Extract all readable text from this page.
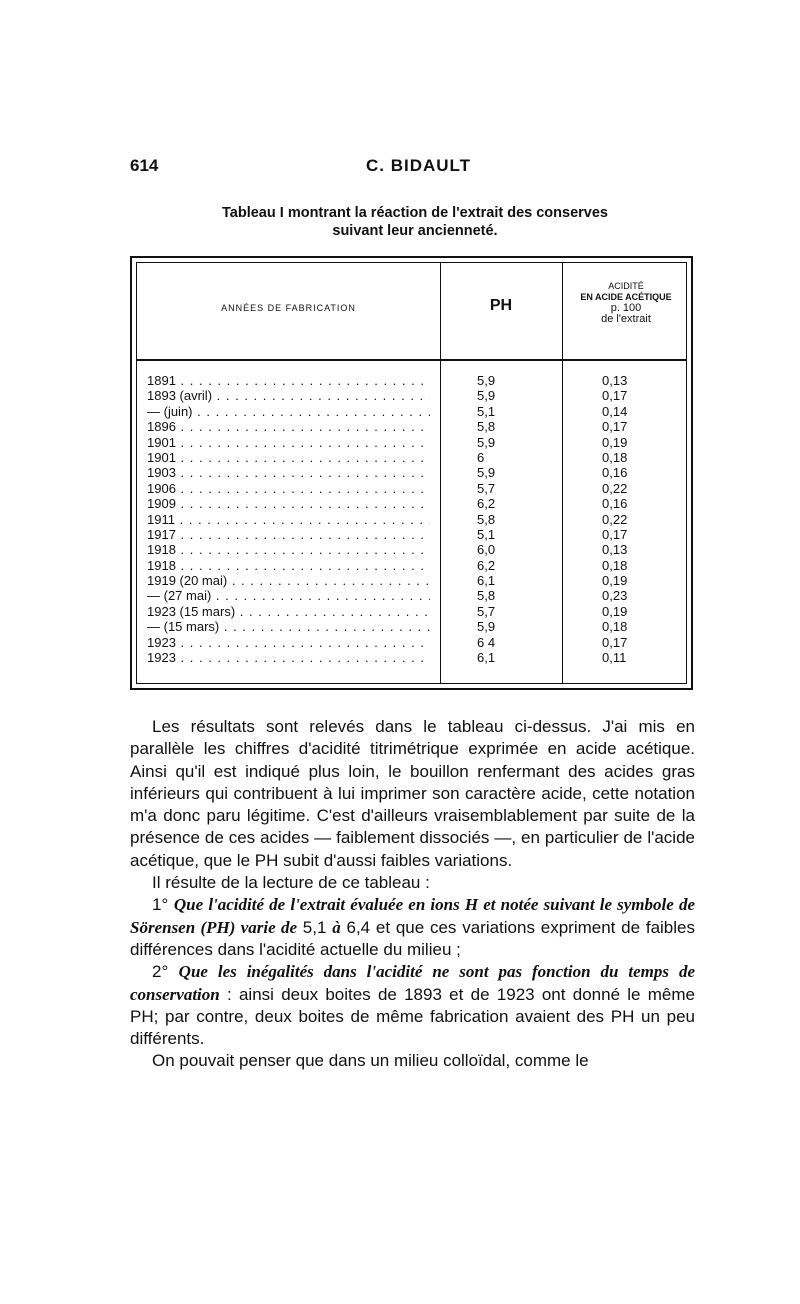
614	C. BIDAULT
Tableau I montrant la réaction de l'extrait des conserves
suivant leur ancienneté.
ANNÉES DE FABRICATION	PH
ACIDITÉ
EN ACIDE ACÉTIQUE
p. 100
de l'extrait
1891 . . .	5,9	0,13
1893 (avril) . . .	5,9	0,17
— (juin) . . .	5,1	0,14
1896 . . .	5,8	0,17
1901 . . .	5,9	0,19
1901 . . .	6	0,18
1903 . . .	5,9	0,16
1906 . . .	5,7	0,22
1909 . . .	6,2	0,16
1911 . . .	5,8	0,22
1917 . . .	5,1	0,17
1918 . . .	6,0	0,13
1918 . . .	6,2	0,18
1919 (20 mai) . . .	6,1	0,19
— (27 mai) . . .	5,8	0,23
1923 (15 mars) . . .	5,7	0,19
— (15 mars) . . .	5,9	0,18
1923 . . .	6 4	0,17
1923 . . .	6,1	0,11

Les résultats sont relevés dans le tableau ci-dessus. J'ai mis en parallèle les chiffres d'acidité titrimétrique exprimée en acide acétique. Ainsi qu'il est indiqué plus loin, le bouillon renfermant des acides gras inférieurs qui contribuent à lui imprimer son caractère acide, cette notation m'a donc paru légitime. C'est d'ailleurs vraisemblablement par suite de la présence de ces acides — faiblement dissociés —, en particulier de l'acide acétique, que le PH subit d'aussi faibles variations.

Il résulte de la lecture de ce tableau :

1° Que l'acidité de l'extrait évaluée en ions H et notée suivant le symbole de Sörensen (PH) varie de 5,1 à 6,4 et que ces variations expriment de faibles différences dans l'acidité actuelle du milieu ;

2° Que les inégalités dans l'acidité ne sont pas fonction du temps de conservation : ainsi deux boites de 1893 et de 1923 ont donné le même PH; par contre, deux boites de même fabrication avaient des PH un peu différents.

On pouvait penser que dans un milieu colloïdal, comme le
